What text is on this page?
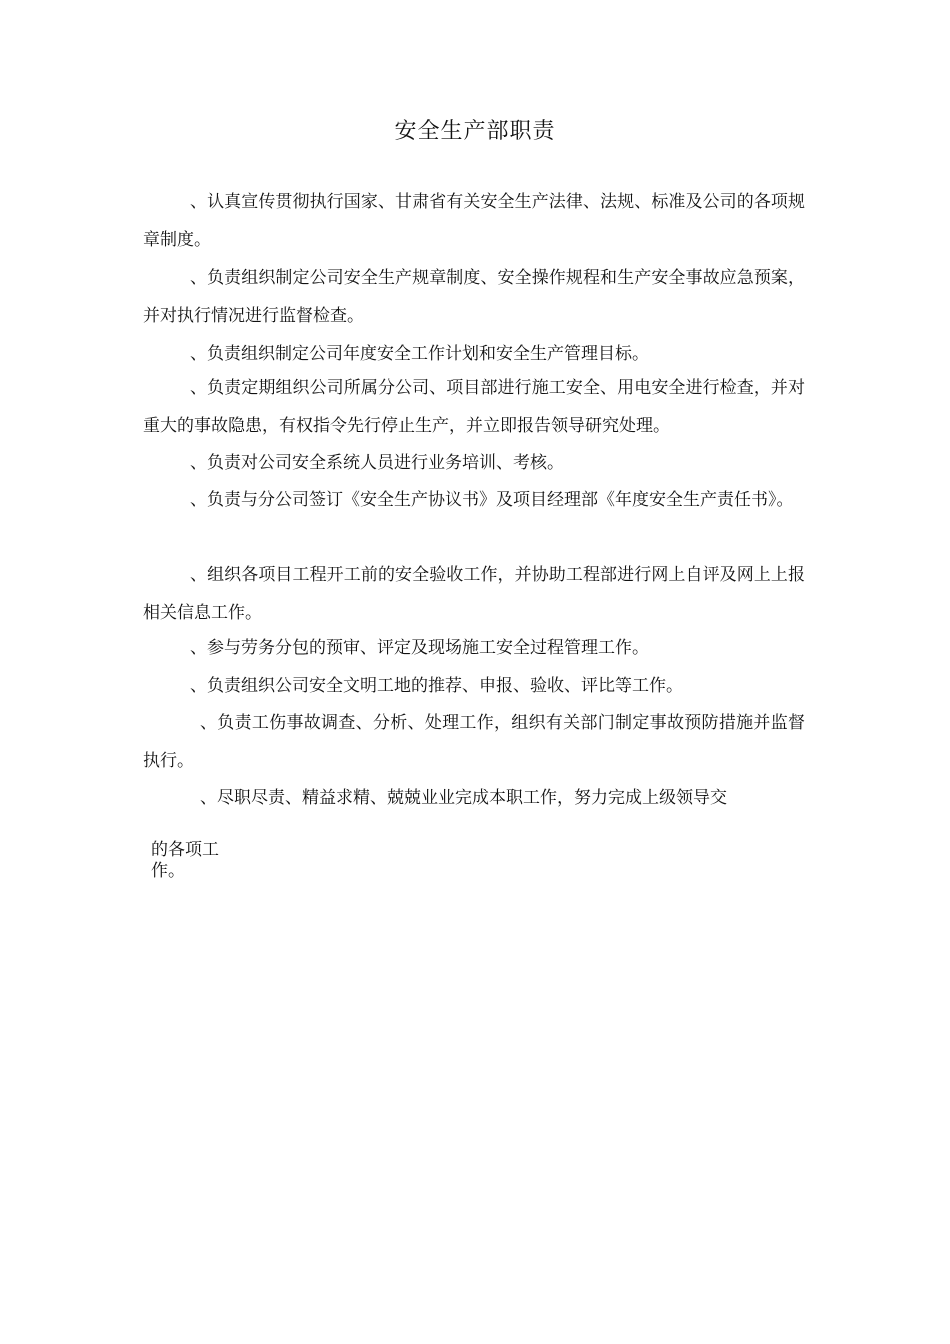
安全生产部职责

、认真宣传贯彻执行国家、甘肃省有关安全生产法律、法规、标准及公司的各项规章制度。

、负责组织制定公司安全生产规章制度、安全操作规程和生产安全事故应急预案，并对执行情况进行监督检查。

、负责组织制定公司年度安全工作计划和安全生产管理目标。

、负责定期组织公司所属分公司、项目部进行施工安全、用电安全进行检查，并对重大的事故隐患，有权指令先行停止生产，并立即报告领导研究处理。

、负责对公司安全系统人员进行业务培训、考核。

、负责与分公司签订《安全生产协议书》及项目经理部《年度安全生产责任书》。

、组织各项目工程开工前的安全验收工作，并协助工程部进行网上自评及网上上报相关信息工作。

、参与劳务分包的预审、评定及现场施工安全过程管理工作。

、负责组织公司安全文明工地的推荐、申报、验收、评比等工作。

、负责工伤事故调查、分析、处理工作，组织有关部门制定事故预防措施并监督执行。

、尽职尽责、精益求精、兢兢业业完成本职工作，努力完成上级领导交

的各项工作。
